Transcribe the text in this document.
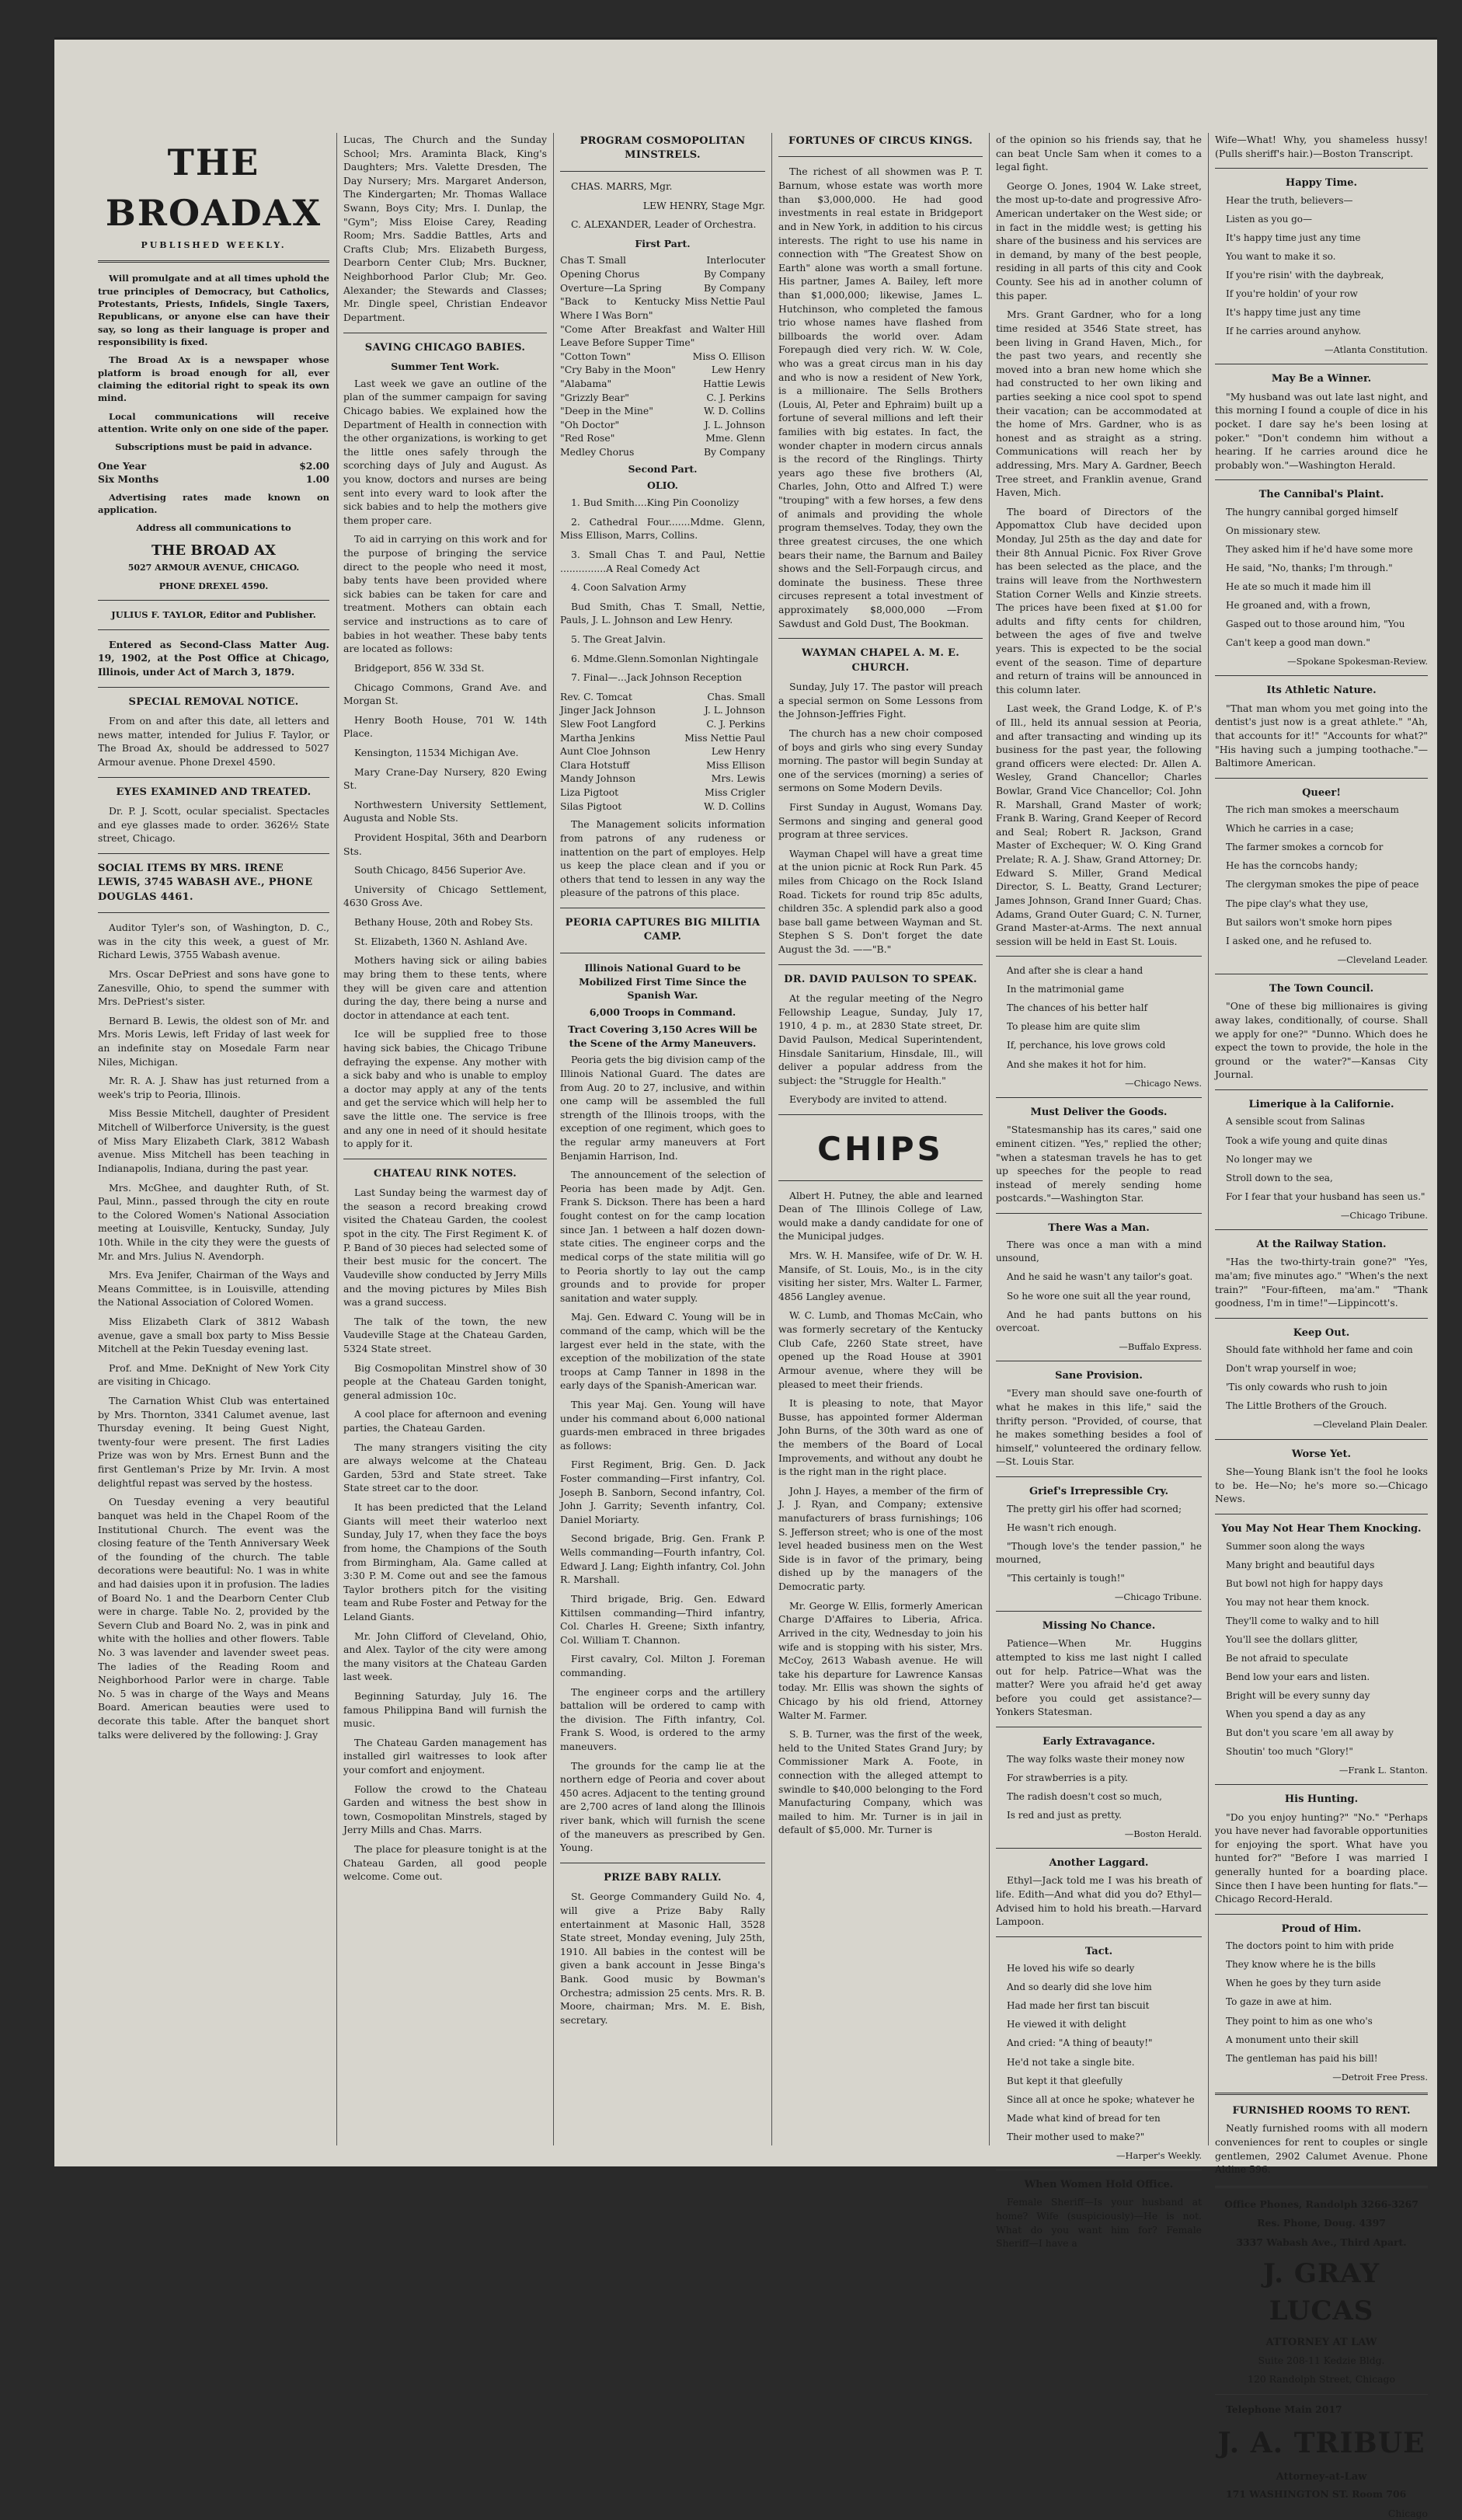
THE BROADAX
PUBLISHED WEEKLY.

Will promulgate and at all times uphold the true principles of Democracy, but Catholics, Protestants, Priests, Infidels, Single Taxers, Republicans, or anyone else can have their say, so long as their language is proper and responsibility is fixed.

The Broad Ax is a newspaper whose platform is broad enough for all, ever claiming the editorial right to speak its own mind.

Local communications will receive attention. Write only on one side of the paper.

Subscriptions must be paid in advance.

One Year	$2.00
Six Months	1.00

Advertising rates made known on application.

Address all communications to

THE BROAD AX
5027 ARMOUR AVENUE, CHICAGO.
PHONE DREXEL 4590.

JULIUS F. TAYLOR, Editor and Publisher.

Entered as Second-Class Matter Aug. 19, 1902, at the Post Office at Chicago, Illinois, under Act of March 3, 1879.

SPECIAL REMOVAL NOTICE.

From on and after this date, all letters and news matter, intended for Julius F. Taylor, or The Broad Ax, should be addressed to 5027 Armour avenue. Phone Drexel 4590.

EYES EXAMINED AND TREATED.

Dr. P. J. Scott, ocular specialist. Spectacles and eye glasses made to order. 3626½ State street, Chicago.

SOCIAL ITEMS BY MRS. IRENE LEWIS, 3745 WABASH AVE., PHONE DOUGLAS 4461.

Auditor Tyler's son, of Washington, D. C., was in the city this week, a guest of Mr. Richard Lewis, 3755 Wabash avenue.

Mrs. Oscar DePriest and sons have gone to Zanesville, Ohio, to spend the summer with Mrs. DePriest's sister.

Bernard B. Lewis, the oldest son of Mr. and Mrs. Moris Lewis, left Friday of last week for an indefinite stay on Mosedale Farm near Niles, Michigan.

Mr. R. A. J. Shaw has just returned from a week's trip to Peoria, Illinois.

Miss Bessie Mitchell, daughter of President Mitchell of Wilberforce University, is the guest of Miss Mary Elizabeth Clark, 3812 Wabash avenue. Miss Mitchell has been teaching in Indianapolis, Indiana, during the past year.

Mrs. McGhee, and daughter Ruth, of St. Paul, Minn., passed through the city en route to the Colored Women's National Association meeting at Louisville, Kentucky, Sunday, July 10th. While in the city they were the guests of Mr. and Mrs. Julius N. Avendorph.

Mrs. Eva Jenifer, Chairman of the Ways and Means Committee, is in Louisville, attending the National Association of Colored Women.

Miss Elizabeth Clark of 3812 Wabash avenue, gave a small box party to Miss Bessie Mitchell at the Pekin Tuesday evening last.

Prof. and Mme. DeKnight of New York City are visiting in Chicago.

The Carnation Whist Club was entertained by Mrs. Thornton, 3341 Calumet avenue, last Thursday evening. It being Guest Night, twenty-four were present. The first Ladies Prize was won by Mrs. Ernest Bunn and the first Gentleman's Prize by Mr. Irvin. A most delightful repast was served by the hostess.

On Tuesday evening a very beautiful banquet was held in the Chapel Room of the Institutional Church. The event was the closing feature of the Tenth Anniversary Week of the founding of the church. The table decorations were beautiful: No. 1 was in white and had daisies upon it in profusion. The ladies of Board No. 1 and the Dearborn Center Club were in charge. Table No. 2, provided by the Severn Club and Board No. 2, was in pink and white with the hollies and other flowers. Table No. 3 was lavender and lavender sweet peas. The ladies of the Reading Room and Neighborhood Parlor were in charge. Table No. 5 was in charge of the Ways and Means Board. American beauties were used to decorate this table. After the banquet short talks were delivered by the following: J. Gray

Lucas, The Church and the Sunday School; Mrs. Araminta Black, King's Daughters; Mrs. Valette Dresden, The Day Nursery; Mrs. Margaret Anderson, The Kindergarten; Mr. Thomas Wallace Swann, Boys City; Mrs. I. Dunlap, the "Gym"; Miss Eloise Carey, Reading Room; Mrs. Saddie Battles, Arts and Crafts Club; Mrs. Elizabeth Burgess, Dearborn Center Club; Mrs. Buckner, Neighborhood Parlor Club; Mr. Geo. Alexander; the Stewards and Classes; Mr. Dingle speel, Christian Endeavor Department.

SAVING CHICAGO BABIES.
Summer Tent Work.

Last week we gave an outline of the plan of the summer campaign for saving Chicago babies. We explained how the Department of Health in connection with the other organizations, is working to get the little ones safely through the scorching days of July and August. As you know, doctors and nurses are being sent into every ward to look after the sick babies and to help the mothers give them proper care.

To aid in carrying on this work and for the purpose of bringing the service direct to the people who need it most, baby tents have been provided where sick babies can be taken for care and treatment. Mothers can obtain each service and instructions as to care of babies in hot weather. These baby tents are located as follows:

Bridgeport, 856 W. 33d St.

Chicago Commons, Grand Ave. and Morgan St.

Henry Booth House, 701 W. 14th Place.

Kensington, 11534 Michigan Ave.

Mary Crane-Day Nursery, 820 Ewing St.

Northwestern University Settlement, Augusta and Noble Sts.

Provident Hospital, 36th and Dearborn Sts.

South Chicago, 8456 Superior Ave.

University of Chicago Settlement, 4630 Gross Ave.

Bethany House, 20th and Robey Sts.

St. Elizabeth, 1360 N. Ashland Ave.

Mothers having sick or ailing babies may bring them to these tents, where they will be given care and attention during the day, there being a nurse and doctor in attendance at each tent.

Ice will be supplied free to those having sick babies, the Chicago Tribune defraying the expense. Any mother with a sick baby and who is unable to employ a doctor may apply at any of the tents and get the service which will help her to save the little one. The service is free and any one in need of it should hesitate to apply for it.

CHATEAU RINK NOTES.

Last Sunday being the warmest day of the season a record breaking crowd visited the Chateau Garden, the coolest spot in the city. The First Regiment K. of P. Band of 30 pieces had selected some of their best music for the concert. The Vaudeville show conducted by Jerry Mills and the moving pictures by Miles Bish was a grand success.

The talk of the town, the new Vaudeville Stage at the Chateau Garden, 5324 State street.

Big Cosmopolitan Minstrel show of 30 people at the Chateau Garden tonight, general admission 10c.

A cool place for afternoon and evening parties, the Chateau Garden.

The many strangers visiting the city are always welcome at the Chateau Garden, 53rd and State street. Take State street car to the door.

It has been predicted that the Leland Giants will meet their waterloo next Sunday, July 17, when they face the boys from home, the Champions of the South from Birmingham, Ala. Game called at 3:30 P. M. Come out and see the famous Taylor brothers pitch for the visiting team and Rube Foster and Petway for the Leland Giants.

Mr. John Clifford of Cleveland, Ohio, and Alex. Taylor of the city were among the many visitors at the Chateau Garden last week.

Beginning Saturday, July 16. The famous Philippina Band will furnish the music.

The Chateau Garden management has installed girl waitresses to look after your comfort and enjoyment.

Follow the crowd to the Chateau Garden and witness the best show in town, Cosmopolitan Minstrels, staged by Jerry Mills and Chas. Marrs.

The place for pleasure tonight is at the Chateau Garden, all good people welcome. Come out.

PROGRAM COSMOPOLITAN MINSTRELS.

CHAS. MARRS, Mgr.

LEW HENRY, Stage Mgr.

C. ALEXANDER, Leader of Orchestra.

First Part.
Chas T. Small	Interlocuter
Opening Chorus	By Company
Overture—La Spring	By Company
"Back to Kentucky Where I Was Born"
Miss Nettie Paul
"Come After Breakfast and Leave Before Supper Time"
Walter Hill
"Cotton Town"	Miss O. Ellison
"Cry Baby in the Moon"	Lew Henry
"Alabama"	Hattie Lewis
"Grizzly Bear"	C. J. Perkins
"Deep in the Mine"	W. D. Collins
"Oh Doctor"	J. L. Johnson
"Red Rose"	Mme. Glenn
Medley Chorus	By Company
Second Part.
OLIO.

1. Bud Smith....King Pin Coonolizy

2. Cathedral Four.......Mdme. Glenn, Miss Ellison, Marrs, Collins.

3. Small Chas T. and Paul, Nettie ...............A Real Comedy Act

4. Coon Salvation Army

Bud Smith, Chas T. Small, Nettie, Pauls, J. L. Johnson and Lew Henry.

5. The Great Jalvin.

6. Mdme.Glenn.Somonlan Nightingale

7. Final—...Jack Johnson Reception

Rev. C. Tomcat	Chas. Small
Jinger Jack Johnson	J. L. Johnson
Slew Foot Langford	C. J. Perkins
Martha Jenkins	Miss Nettie Paul
Aunt Cloe Johnson	Lew Henry
Clara Hotstuff	Miss Ellison
Mandy Johnson	Mrs. Lewis
Liza Pigtoot	Miss Crigler
Silas Pigtoot	W. D. Collins

The Management solicits information from patrons of any rudeness or inattention on the part of employes. Help us keep the place clean and if you or others that tend to lessen in any way the pleasure of the patrons of this place.

PEORIA CAPTURES BIG MILITIA CAMP.
Illinois National Guard to be Mobilized First Time Since the Spanish War.
6,000 Troops in Command.
Tract Covering 3,150 Acres Will be the Scene of the Army Maneuvers.

Peoria gets the big division camp of the Illinois National Guard. The dates are from Aug. 20 to 27, inclusive, and within one camp will be assembled the full strength of the Illinois troops, with the exception of one regiment, which goes to the regular army maneuvers at Fort Benjamin Harrison, Ind.

The announcement of the selection of Peoria has been made by Adjt. Gen. Frank S. Dickson. There has been a hard fought contest on for the camp location since Jan. 1 between a half dozen down-state cities. The engineer corps and the medical corps of the state militia will go to Peoria shortly to lay out the camp grounds and to provide for proper sanitation and water supply.

Maj. Gen. Edward C. Young will be in command of the camp, which will be the largest ever held in the state, with the exception of the mobilization of the state troops at Camp Tanner in 1898 in the early days of the Spanish-American war.

This year Maj. Gen. Young will have under his command about 6,000 national guards-men embraced in three brigades as follows:

First Regiment, Brig. Gen. D. Jack Foster commanding—First infantry, Col. Joseph B. Sanborn, Second infantry, Col. John J. Garrity; Seventh infantry, Col. Daniel Moriarty.

Second brigade, Brig. Gen. Frank P. Wells commanding—Fourth infantry, Col. Edward J. Lang; Eighth infantry, Col. John R. Marshall.

Third brigade, Brig. Gen. Edward Kittilsen commanding—Third infantry, Col. Charles H. Greene; Sixth infantry, Col. William T. Channon.

First cavalry, Col. Milton J. Foreman commanding.

The engineer corps and the artillery battalion will be ordered to camp with the division. The Fifth infantry, Col. Frank S. Wood, is ordered to the army maneuvers.

The grounds for the camp lie at the northern edge of Peoria and cover about 450 acres. Adjacent to the tenting ground are 2,700 acres of land along the Illinois river bank, which will furnish the scene of the maneuvers as prescribed by Gen. Young.

PRIZE BABY RALLY.

St. George Commandery Guild No. 4, will give a Prize Baby Rally entertainment at Masonic Hall, 3528 State street, Monday evening, July 25th, 1910. All babies in the contest will be given a bank account in Jesse Binga's Bank. Good music by Bowman's Orchestra; admission 25 cents. Mrs. R. B. Moore, chairman; Mrs. M. E. Bish, secretary.

FORTUNES OF CIRCUS KINGS.

The richest of all showmen was P. T. Barnum, whose estate was worth more than $3,000,000. He had good investments in real estate in Bridgeport and in New York, in addition to his circus interests. The right to use his name in connection with "The Greatest Show on Earth" alone was worth a small fortune. His partner, James A. Bailey, left more than $1,000,000; likewise, James L. Hutchinson, who completed the famous trio whose names have flashed from billboards the world over. Adam Forepaugh died very rich. W. W. Cole, who was a great circus man in his day and who is now a resident of New York, is a millionaire. The Sells Brothers (Louis, Al, Peter and Ephraim) built up a fortune of several millions and left their families with big estates. In fact, the wonder chapter in modern circus annals is the record of the Ringlings. Thirty years ago these five brothers (Al, Charles, John, Otto and Alfred T.) were "trouping" with a few horses, a few dens of animals and providing the whole program themselves. Today, they own the three greatest circuses, the one which bears their name, the Barnum and Bailey shows and the Sell-Forpaugh circus, and dominate the business. These three circuses represent a total investment of approximately $8,000,000 —From Sawdust and Gold Dust, The Bookman.

WAYMAN CHAPEL A. M. E. CHURCH.

Sunday, July 17. The pastor will preach a special sermon on Some Lessons from the Johnson-Jeffries Fight.

The church has a new choir composed of boys and girls who sing every Sunday morning. The pastor will begin Sunday at one of the services (morning) a series of sermons on Some Modern Devils.

First Sunday in August, Womans Day. Sermons and singing and general good program at three services.

Wayman Chapel will have a great time at the union picnic at Rock Run Park. 45 miles from Chicago on the Rock Island Road. Tickets for round trip 85c adults, children 35c. A splendid park also a good base ball game between Wayman and St. Stephen S S. Don't forget the date August the 3d. ——"B."

DR. DAVID PAULSON TO SPEAK.

At the regular meeting of the Negro Fellowship League, Sunday, July 17, 1910, 4 p. m., at 2830 State street, Dr. David Paulson, Medical Superintendent, Hinsdale Sanitarium, Hinsdale, Ill., will deliver a popular address from the subject: the "Struggle for Health."

Everybody are invited to attend.

CHIPS

Albert H. Putney, the able and learned Dean of The Illinois College of Law, would make a dandy candidate for one of the Municipal judges.

Mrs. W. H. Mansifee, wife of Dr. W. H. Mansife, of St. Louis, Mo., is in the city visiting her sister, Mrs. Walter L. Farmer, 4856 Langley avenue.

W. C. Lumb, and Thomas McCain, who was formerly secretary of the Kentucky Club Cafe, 2260 State street, have opened up the Road House at 3901 Armour avenue, where they will be pleased to meet their friends.

It is pleasing to note, that Mayor Busse, has appointed former Alderman John Burns, of the 30th ward as one of the members of the Board of Local Improvements, and without any doubt he is the right man in the right place.

John J. Hayes, a member of the firm of J. J. Ryan, and Company; extensive manufacturers of brass furnishings; 106 S. Jefferson street; who is one of the most level headed business men on the West Side is in favor of the primary, being dished up by the managers of the Democratic party.

Mr. George W. Ellis, formerly American Charge D'Affaires to Liberia, Africa. Arrived in the city, Wednesday to join his wife and is stopping with his sister, Mrs. McCoy, 2613 Wabash avenue. He will take his departure for Lawrence Kansas today. Mr. Ellis was shown the sights of Chicago by his old friend, Attorney Walter M. Farmer.

S. B. Turner, was the first of the week, held to the United States Grand Jury; by Commissioner Mark A. Foote, in connection with the alleged attempt to swindle to $40,000 belonging to the Ford Manufacturing Company, which was mailed to him. Mr. Turner is in jail in default of $5,000. Mr. Turner is

of the opinion so his friends say, that he can beat Uncle Sam when it comes to a legal fight.

George O. Jones, 1904 W. Lake street, the most up-to-date and progressive Afro-American undertaker on the West side; or in fact in the middle west; is getting his share of the business and his services are in demand, by many of the best people, residing in all parts of this city and Cook County. See his ad in another column of this paper.

Mrs. Grant Gardner, who for a long time resided at 3546 State street, has been living in Grand Haven, Mich., for the past two years, and recently she moved into a bran new home which she had constructed to her own liking and parties seeking a nice cool spot to spend their vacation; can be accommodated at the home of Mrs. Gardner, who is as honest and as straight as a string. Communications will reach her by addressing, Mrs. Mary A. Gardner, Beech Tree street, and Franklin avenue, Grand Haven, Mich.

The board of Directors of the Appomattox Club have decided upon Monday, Jul 25th as the day and date for their 8th Annual Picnic. Fox River Grove has been selected as the place, and the trains will leave from the Northwestern Station Corner Wells and Kinzie streets. The prices have been fixed at $1.00 for adults and fifty cents for children, between the ages of five and twelve years. This is expected to be the social event of the season. Time of departure and return of trains will be announced in this column later.

Last week, the Grand Lodge, K. of P.'s of Ill., held its annual session at Peoria, and after transacting and winding up its business for the past year, the following grand officers were elected: Dr. Allen A. Wesley, Grand Chancellor; Charles Bowlar, Grand Vice Chancellor; Col. John R. Marshall, Grand Master of work; Frank B. Waring, Grand Keeper of Record and Seal; Robert R. Jackson, Grand Master of Exchequer; W. O. King Grand Prelate; R. A. J. Shaw, Grand Attorney; Dr. Edward S. Miller, Grand Medical Director, S. L. Beatty, Grand Lecturer; James Johnson, Grand Inner Guard; Chas. Adams, Grand Outer Guard; C. N. Turner, Grand Master-at-Arms. The next annual session will be held in East St. Louis.

And after she is clear a hand

In the matrimonial game

The chances of his better half

To please him are quite slim

If, perchance, his love grows cold

And she makes it hot for him.

—Chicago News.
Must Deliver the Goods.

"Statesmanship has its cares," said one eminent citizen. "Yes," replied the other; "when a statesman travels he has to get up speeches for the people to read instead of merely sending home postcards."—Washington Star.

There Was a Man.

There was once a man with a mind unsound,

And he said he wasn't any tailor's goat.

So he wore one suit all the year round,

And he had pants buttons on his overcoat.

—Buffalo Express.
Sane Provision.

"Every man should save one-fourth of what he makes in this life," said the thrifty person. "Provided, of course, that he makes something besides a fool of himself," volunteered the ordinary fellow.—St. Louis Star.

Grief's Irrepressible Cry.

The pretty girl his offer had scorned;

He wasn't rich enough.

"Though love's the tender passion," he mourned,

"This certainly is tough!"

—Chicago Tribune.
Missing No Chance.

Patience—When Mr. Huggins attempted to kiss me last night I called out for help. Patrice—What was the matter? Were you afraid he'd get away before you could get assistance?—Yonkers Statesman.

Early Extravagance.

The way folks waste their money now

For strawberries is a pity.

The radish doesn't cost so much,

Is red and just as pretty.

—Boston Herald.
Another Laggard.

Ethyl—Jack told me I was his breath of life. Edith—And what did you do? Ethyl—Advised him to hold his breath.—Harvard Lampoon.

Tact.

He loved his wife so dearly

And so dearly did she love him

Had made her first tan biscuit

He viewed it with delight

And cried: "A thing of beauty!"

He'd not take a single bite.

But kept it that gleefully

Since all at once he spoke; whatever he

Made what kind of bread for ten

Their mother used to make?"

—Harper's Weekly.
When Women Hold Office.

Female Sheriff—Is your husband at home? Wife (suspiciously)—He is not. What do you want him for? Female Sheriff—I have a

Wife—What! Why, you shameless hussy! (Pulls sheriff's hair.)—Boston Transcript.

Happy Time.

Hear the truth, believers—

Listen as you go—

It's happy time just any time

You want to make it so.

If you're risin' with the daybreak,

If you're holdin' of your row

It's happy time just any time

If he carries around anyhow.

—Atlanta Constitution.
May Be a Winner.

"My husband was out late last night, and this morning I found a couple of dice in his pocket. I dare say he's been losing at poker." "Don't condemn him without a hearing. If he carries around dice he probably won."—Washington Herald.

The Cannibal's Plaint.

The hungry cannibal gorged himself

On missionary stew.

They asked him if he'd have some more

He said, "No, thanks; I'm through."

He ate so much it made him ill

He groaned and, with a frown,

Gasped out to those around him, "You

Can't keep a good man down."

—Spokane Spokesman-Review.
Its Athletic Nature.

"That man whom you met going into the dentist's just now is a great athlete." "Ah, that accounts for it!" "Accounts for what?" "His having such a jumping toothache."—Baltimore American.

Queer!

The rich man smokes a meerschaum

Which he carries in a case;

The farmer smokes a corncob for

He has the corncobs handy;

The clergyman smokes the pipe of peace

The pipe clay's what they use,

But sailors won't smoke horn pipes

I asked one, and he refused to.

—Cleveland Leader.
The Town Council.

"One of these big millionaires is giving away lakes, conditionally, of course. Shall we apply for one?" "Dunno. Which does he expect the town to provide, the hole in the ground or the water?"—Kansas City Journal.

Limerique à la Californie.

A sensible scout from Salinas

Took a wife young and quite dinas

No longer may we

Stroll down to the sea,

For I fear that your husband has seen us."

—Chicago Tribune.
At the Railway Station.

"Has the two-thirty-train gone?" "Yes, ma'am; five minutes ago." "When's the next train?" "Four-fifteen, ma'am." "Thank goodness, I'm in time!"—Lippincott's.

Keep Out.

Should fate withhold her fame and coin

Don't wrap yourself in woe;

'Tis only cowards who rush to join

The Little Brothers of the Grouch.

—Cleveland Plain Dealer.
Worse Yet.

She—Young Blank isn't the fool he looks to be. He—No; he's more so.—Chicago News.

You May Not Hear Them Knocking.

Summer soon along the ways

Many bright and beautiful days

But bowl not high for happy days

You may not hear them knock.

They'll come to walky and to hill

You'll see the dollars glitter,

Be not afraid to speculate

Bend low your ears and listen.

Bright will be every sunny day

When you spend a day as any

But don't you scare 'em all away by

Shoutin' too much "Glory!"

—Frank L. Stanton.
His Hunting.

"Do you enjoy hunting?" "No." "Perhaps you have never had favorable opportunities for enjoying the sport. What have you hunted for?" "Before I was married I generally hunted for a boarding place. Since then I have been hunting for flats."—Chicago Record-Herald.

Proud of Him.

The doctors point to him with pride

They know where he is the bills

When he goes by they turn aside

To gaze in awe at him.

They point to him as one who's

A monument unto their skill

The gentleman has paid his bill!

—Detroit Free Press.
FURNISHED ROOMS TO RENT.

Neatly furnished rooms with all modern conveniences for rent to couples or single gentlemen, 2902 Calumet Avenue. Phone Aldine 596.

Office Phones, Randolph 3266-3267

Res. Phone, Doug. 4397

3337 Wabash Ave., Third Apart.

J. GRAY LUCAS
ATTORNEY AT LAW

Suite 208-11 Kedzie Bldg.

120 Randolph Street, Chicago

Telephone Main 2017

J. A. TRIBUE
Attorney-at-Law

171 WASHINGTON ST. Room 706

Chicago
